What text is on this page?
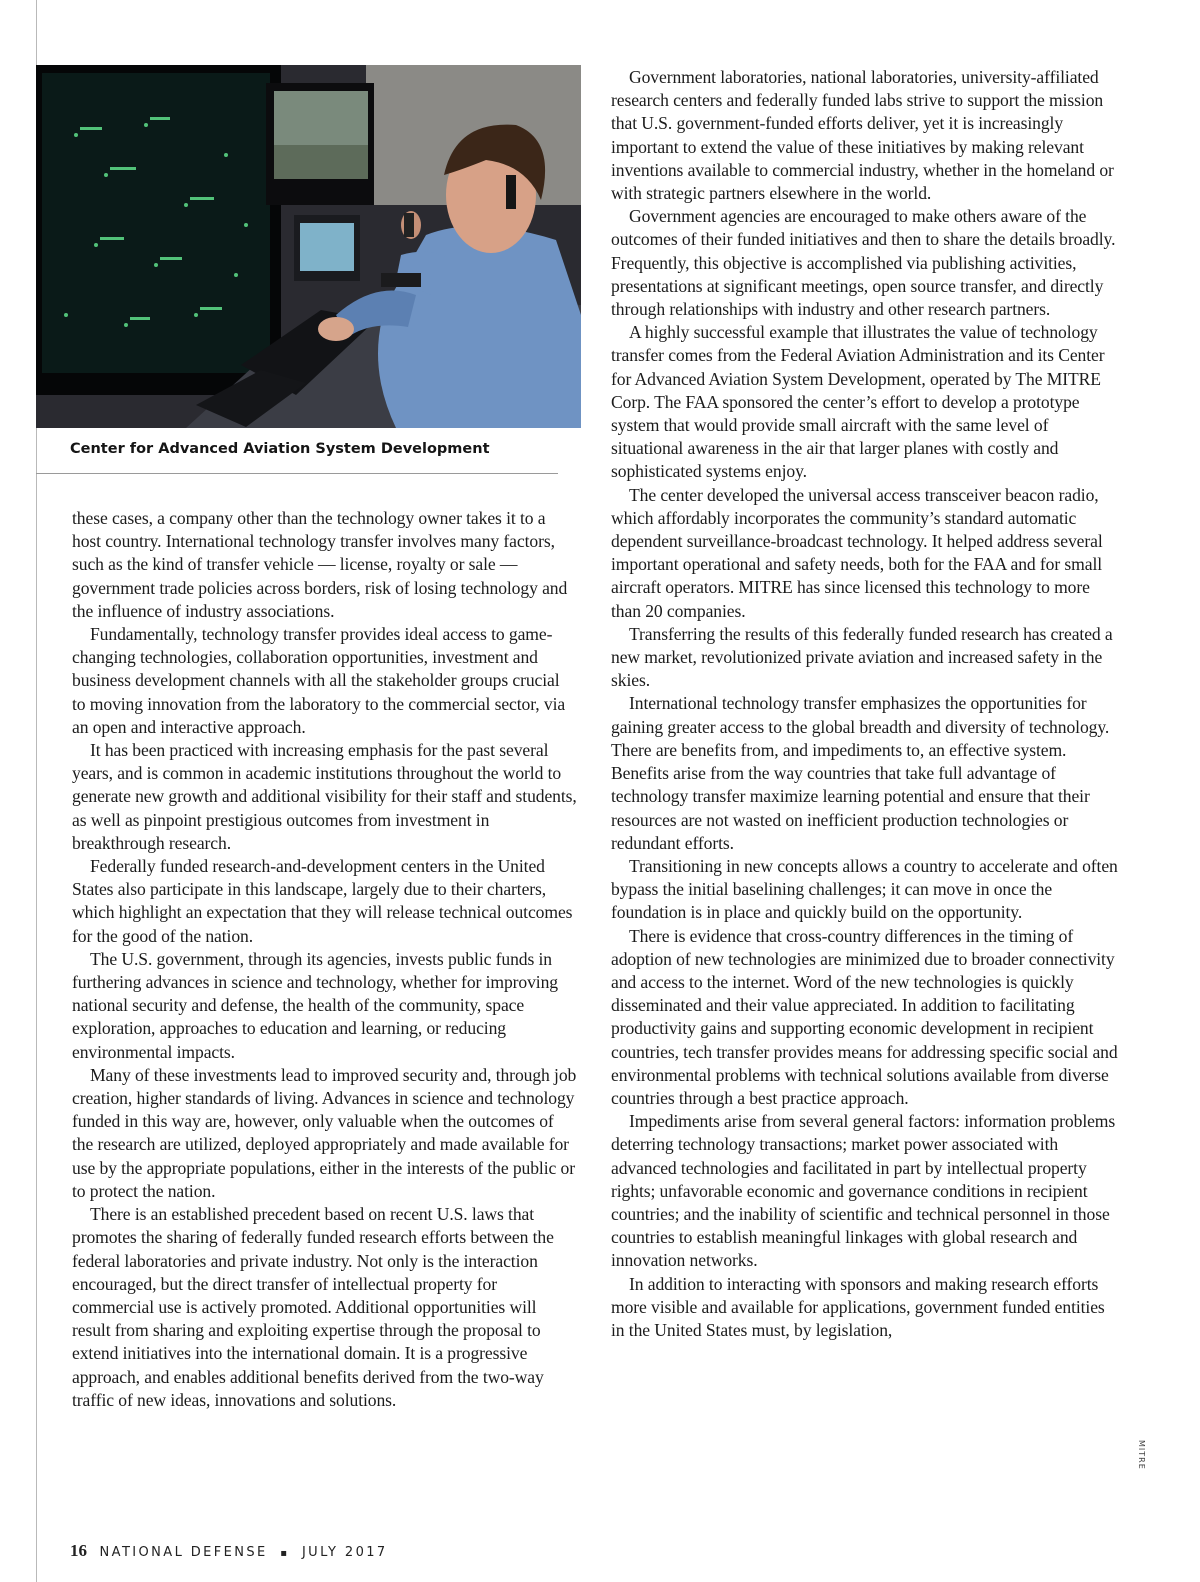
Center for Advanced Aviation System Development

these cases, a company other than the technology owner takes it to a host country. International technology transfer involves many factors, such as the kind of transfer vehicle — license, royalty or sale — government trade policies across borders, risk of losing technology and the influence of industry associations.

Fundamentally, technology transfer provides ideal access to game-changing technologies, collaboration opportunities, investment and business development channels with all the stakeholder groups crucial to moving innovation from the laboratory to the commercial sector, via an open and interactive approach.

It has been practiced with increasing emphasis for the past several years, and is common in academic institutions throughout the world to generate new growth and additional visibility for their staff and students, as well as pinpoint prestigious outcomes from investment in breakthrough research.

Federally funded research-and-development centers in the United States also participate in this landscape, largely due to their charters, which highlight an expectation that they will release technical outcomes for the good of the nation.

The U.S. government, through its agencies, invests public funds in furthering advances in science and technology, whether for improving national security and defense, the health of the community, space exploration, approaches to education and learning, or reducing environmental impacts.

Many of these investments lead to improved security and, through job creation, higher standards of living. Advances in science and technology funded in this way are, however, only valuable when the outcomes of the research are utilized, deployed appropriately and made available for use by the appropriate populations, either in the interests of the public or to protect the nation.

There is an established precedent based on recent U.S. laws that promotes the sharing of federally funded research efforts between the federal laboratories and private industry. Not only is the interaction encouraged, but the direct transfer of intellectual property for commercial use is actively promoted. Additional opportunities will result from sharing and exploiting expertise through the proposal to extend initiatives into the international domain. It is a progressive approach, and enables additional benefits derived from the two-way traffic of new ideas, innovations and solutions.

Government laboratories, national laboratories, university-affiliated research centers and federally funded labs strive to support the mission that U.S. government-funded efforts deliver, yet it is increasingly important to extend the value of these initiatives by making relevant inventions available to commercial industry, whether in the homeland or with strategic partners elsewhere in the world.

Government agencies are encouraged to make others aware of the outcomes of their funded initiatives and then to share the details broadly. Frequently, this objective is accomplished via publishing activities, presentations at significant meetings, open source transfer, and directly through relationships with industry and other research partners.

A highly successful example that illustrates the value of technology transfer comes from the Federal Aviation Administration and its Center for Advanced Aviation System Development, operated by The MITRE Corp. The FAA sponsored the center’s effort to develop a prototype system that would provide small aircraft with the same level of situational awareness in the air that larger planes with costly and sophisticated systems enjoy.

The center developed the universal access transceiver beacon radio, which affordably incorporates the community’s standard automatic dependent surveillance-broadcast technology. It helped address several important operational and safety needs, both for the FAA and for small aircraft operators. MITRE has since licensed this technology to more than 20 companies.

Transferring the results of this federally funded research has created a new market, revolutionized private aviation and increased safety in the skies.

International technology transfer emphasizes the opportunities for gaining greater access to the global breadth and diversity of technology. There are benefits from, and impediments to, an effective system. Benefits arise from the way countries that take full advantage of technology transfer maximize learning potential and ensure that their resources are not wasted on inefficient production technologies or redundant efforts.

Transitioning in new concepts allows a country to accelerate and often bypass the initial baselining challenges; it can move in once the foundation is in place and quickly build on the opportunity.

There is evidence that cross-country differences in the timing of adoption of new technologies are minimized due to broader connectivity and access to the internet. Word of the new technologies is quickly disseminated and their value appreciated. In addition to facilitating productivity gains and supporting economic development in recipient countries, tech transfer provides means for addressing specific social and environmental problems with technical solutions available from diverse countries through a best practice approach.

Impediments arise from several general factors: information problems deterring technology transactions; market power associated with advanced technologies and facilitated in part by intellectual property rights; unfavorable economic and governance conditions in recipient countries; and the inability of scientific and technical personnel in those countries to establish meaningful linkages with global research and innovation networks.

In addition to interacting with sponsors and making research efforts more visible and available for applications, government funded entities in the United States must, by legislation,

16 NATIONAL DEFENSE ▪ JULY 2017
MITRE
